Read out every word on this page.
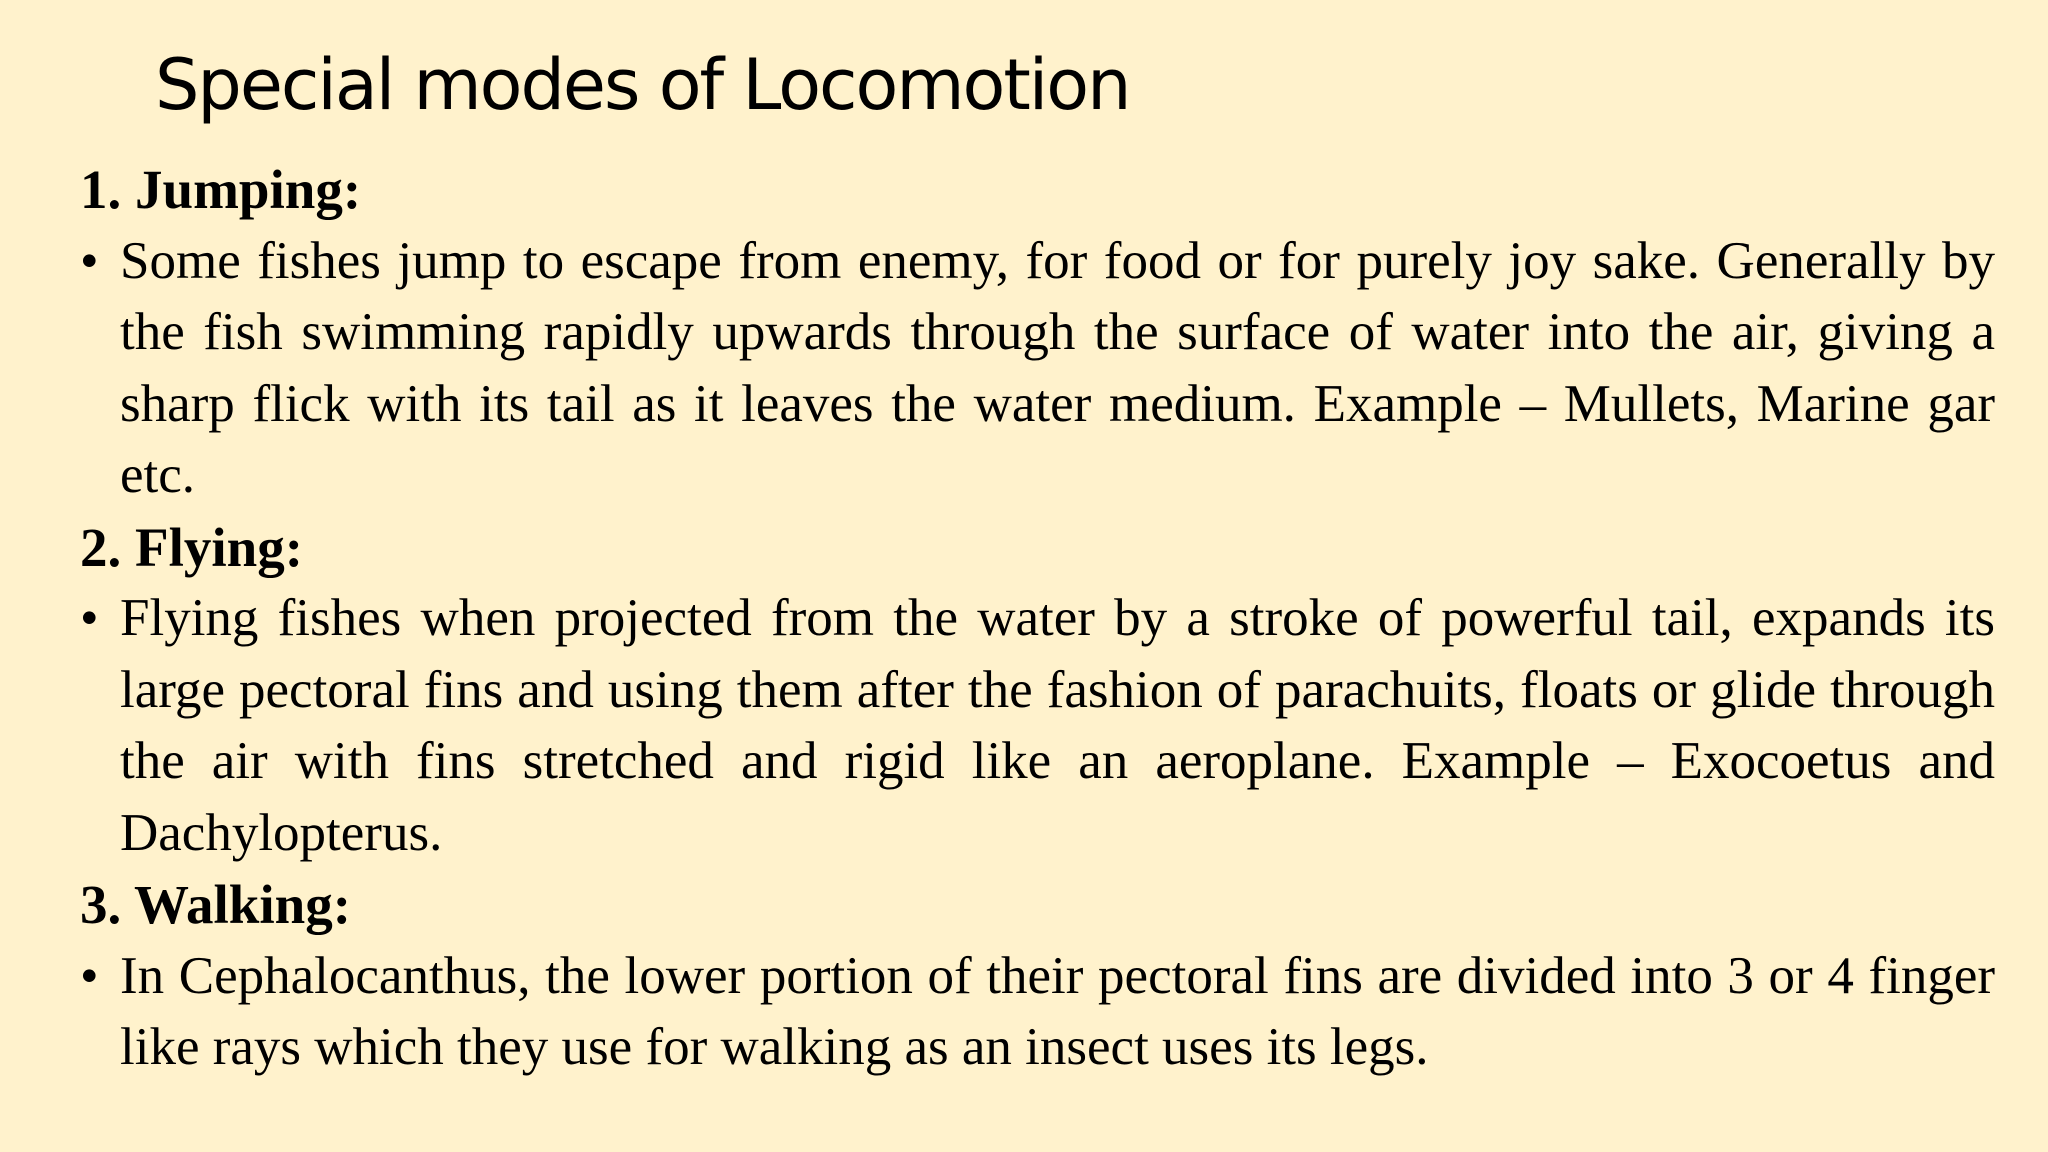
Special modes of Locomotion

1. Jumping:

• Some fishes jump to escape from enemy, for food or for purely joy sake. Generally by the fish swimming rapidly upwards through the surface of water into the air, giving a sharp flick with its tail as it leaves the water medium. Example – Mullets, Marine gar etc.

2. Flying:

• Flying fishes when projected from the water by a stroke of powerful tail, expands its large pectoral fins and using them after the fashion of parachuits, floats or glide through the air with fins stretched and rigid like an aeroplane. Example – Exocoetus and Dachylopterus.

3. Walking:

• In Cephalocanthus, the lower portion of their pectoral fins are divided into 3 or 4 finger like rays which they use for walking as an insect uses its legs.
